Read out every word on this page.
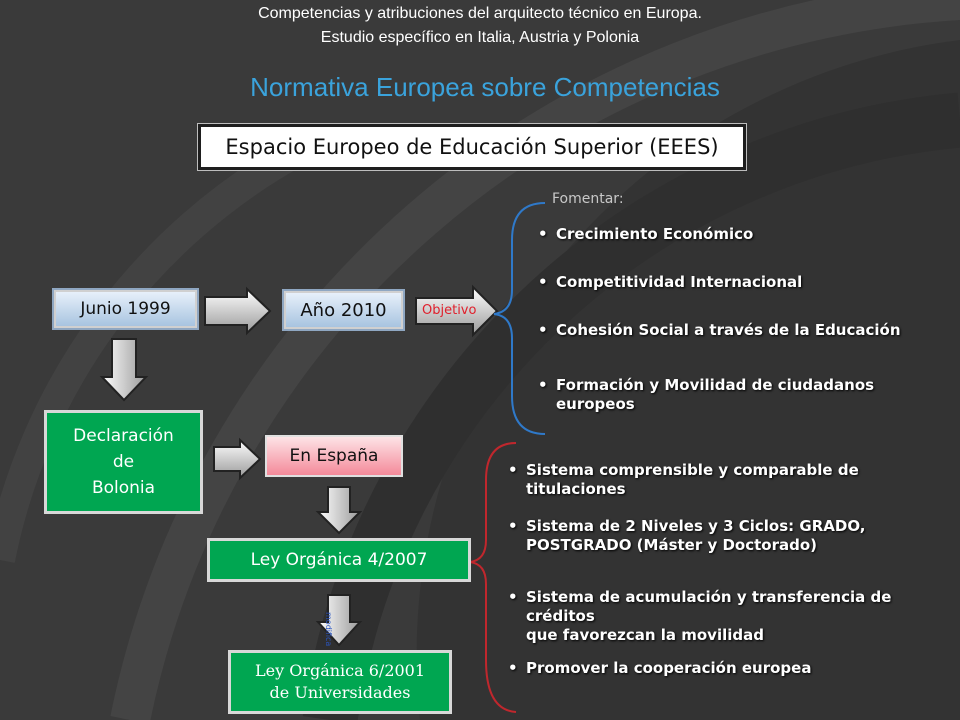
Competencias y atribuciones del arquitecto técnico en Europa.
Estudio específico en Italia, Austria y Polonia
Normativa Europea sobre Competencias
Espacio Europeo de Educación Superior (EEES)
Junio 1999	Año 2010	Objetivo
Declaración
de
Bolonia
En España
Ley Orgánica 4/2007
modifica
Ley Orgánica 6/2001
de Universidades
Fomentar:
• Crecimiento Económico
• Competitividad Internacional
• Cohesión Social a través de la Educación
• Formación y Movilidad de ciudadanos
europeos
• Sistema comprensible y comparable de titulaciones
• Sistema de 2 Niveles y 3 Ciclos: GRADO,
POSTGRADO (Máster y Doctorado)
• Sistema de acumulación y transferencia de créditos
que favorezcan la movilidad
• Promover la cooperación europea
